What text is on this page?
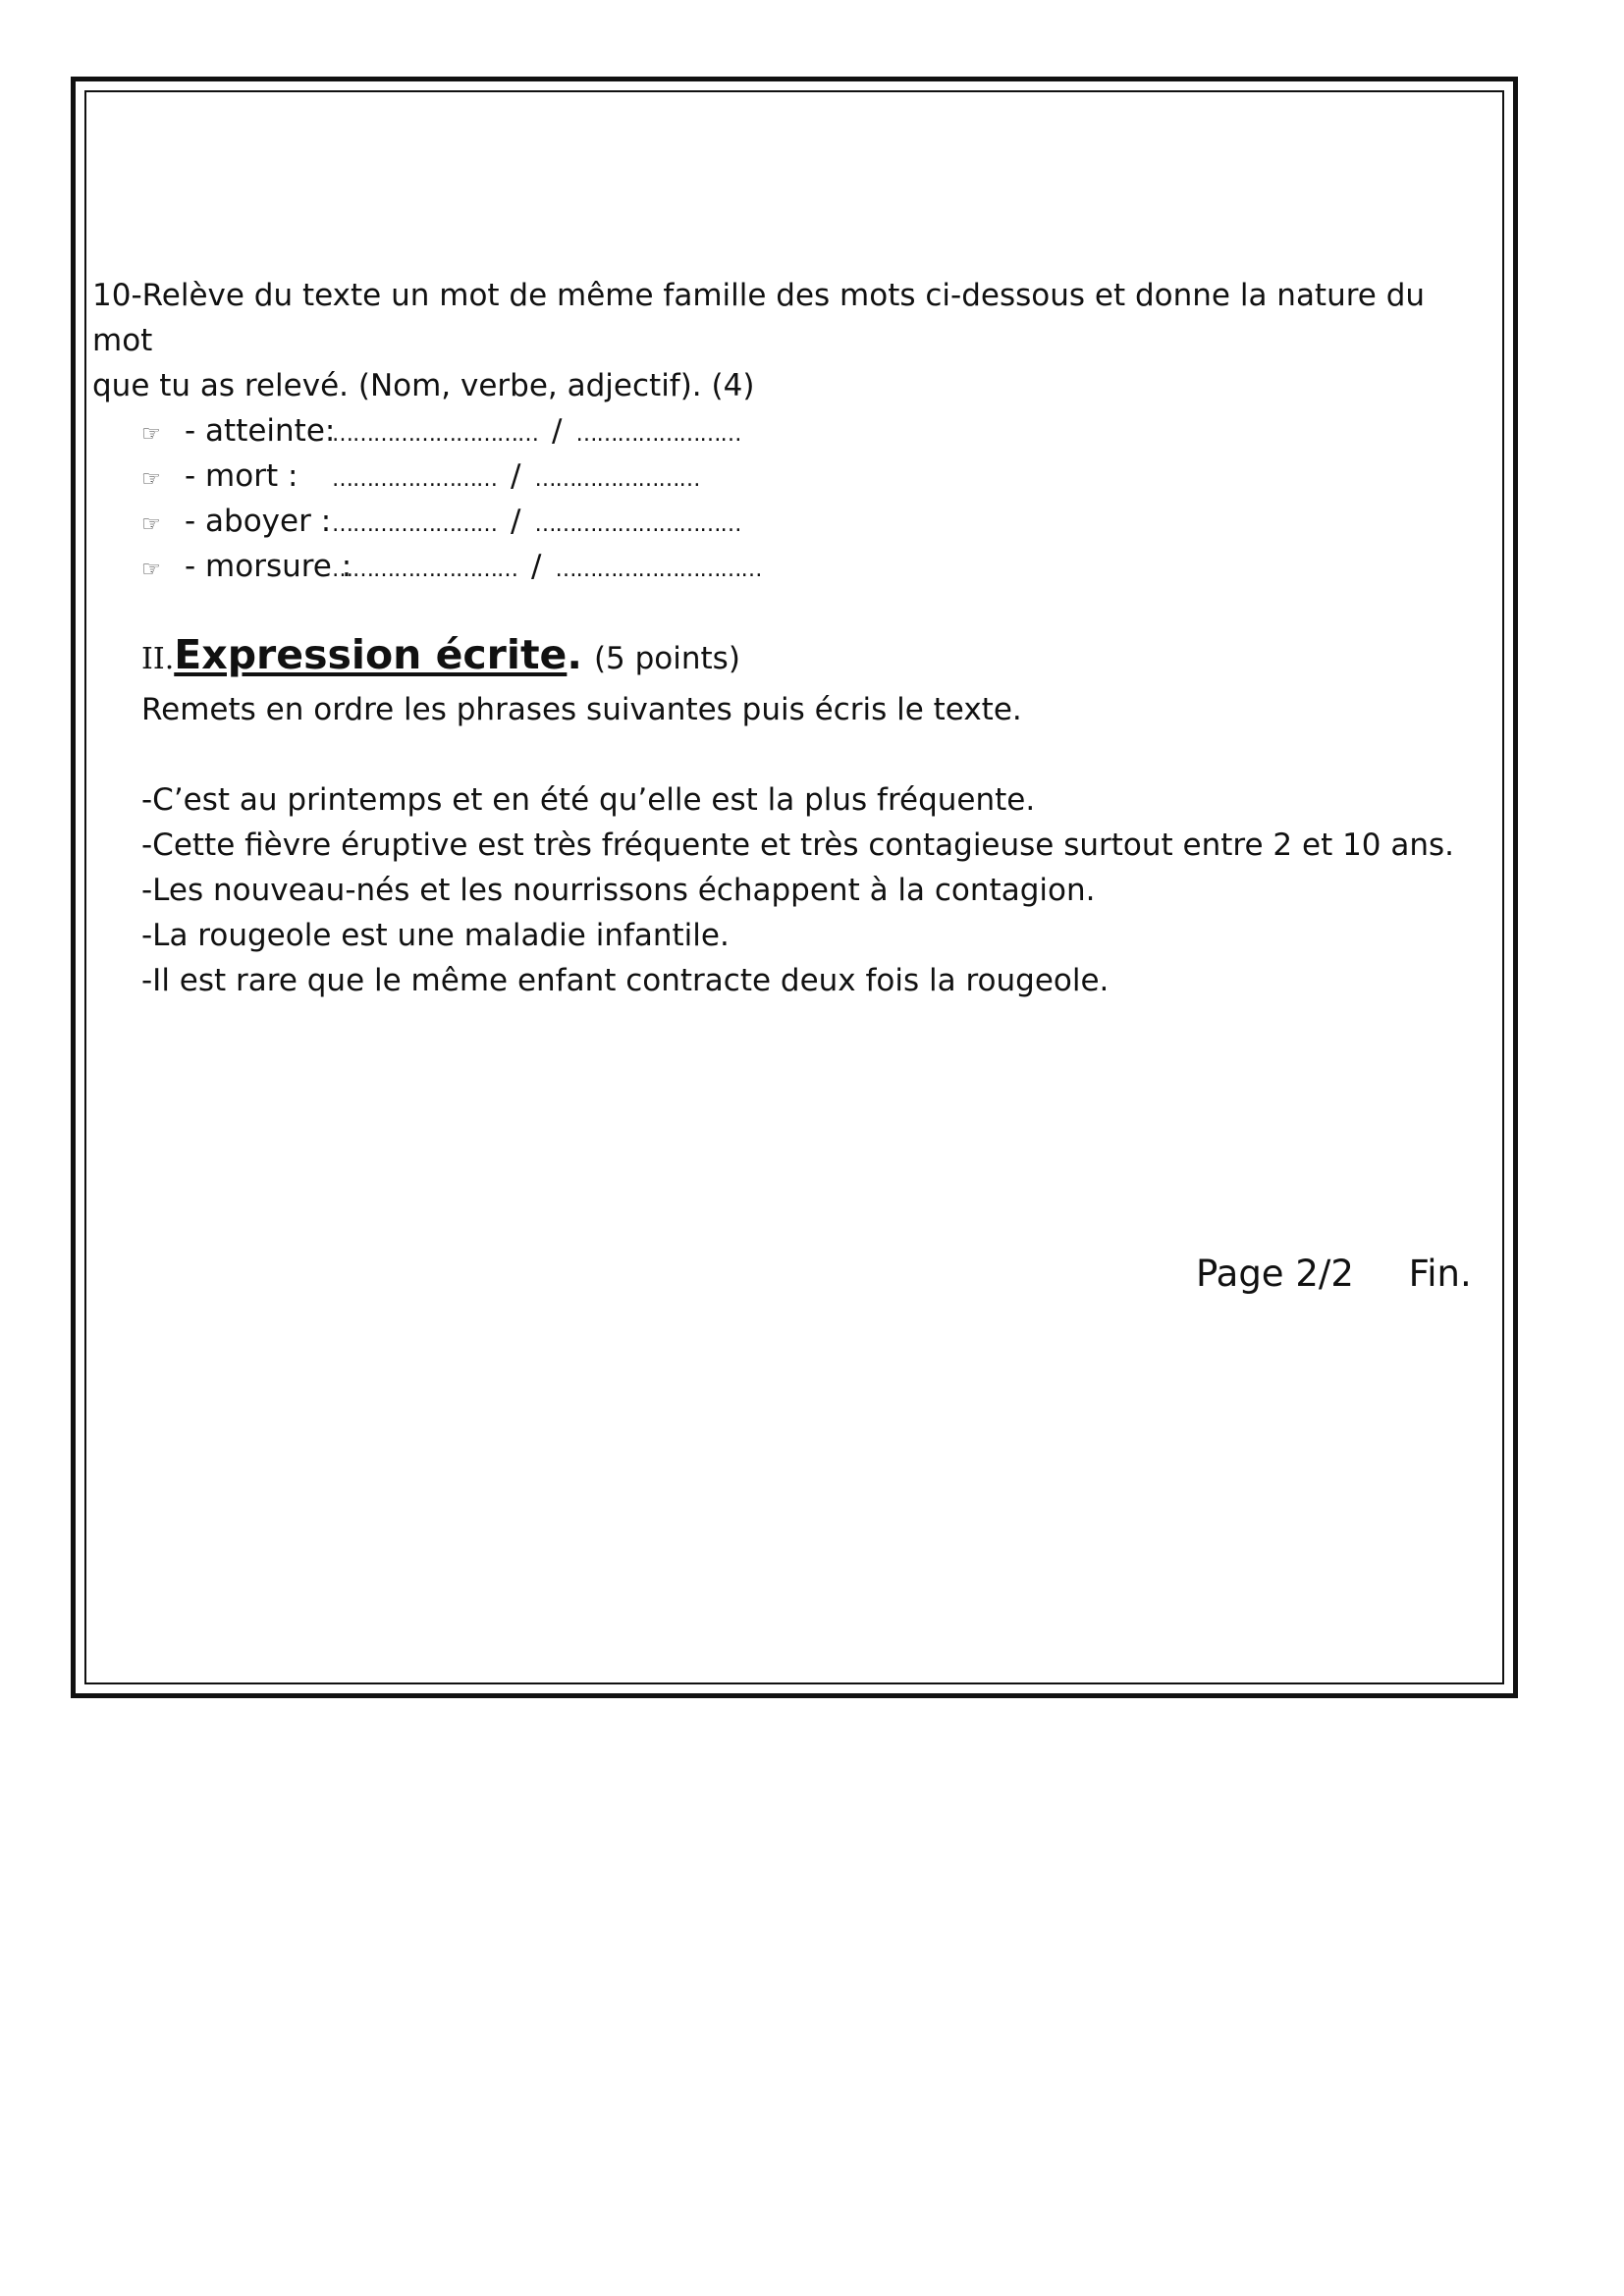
10-Relève du texte un mot de même famille des mots ci-dessous et donne la nature du mot

que tu as relevé. (Nom, verbe, adjectif). (4)

☞ - atteinte:
………………………… / ……………………
☞ - mort :	…………………… / ……………………
☞ - aboyer : …………………… / …………………………
☞ - morsure :
……………………… / …………………………
II. Expression écrite . (5 points)

Remets en ordre les phrases suivantes puis écris le texte.

-C’est au printemps et en été qu’elle est la plus fréquente.

-Cette fièvre éruptive est très fréquente et très contagieuse surtout entre 2 et 10 ans.

-Les nouveau-nés et les nourrissons échappent à la contagion.

-La rougeole est une maladie infantile.

-Il est rare que le même enfant contracte deux fois la rougeole.

Page 2/2 Fin.
